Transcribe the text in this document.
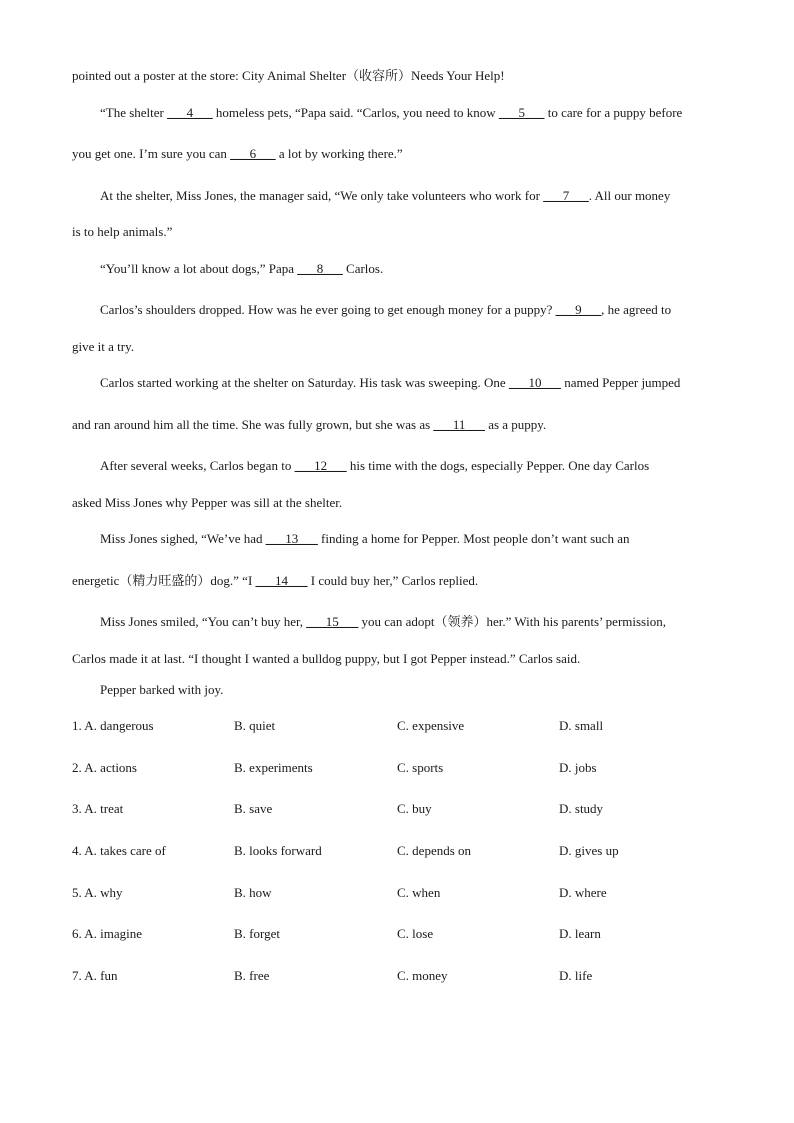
pointed out a poster at the store: City Animal Shelter（收容所）Needs Your Help!
“The shelter ___4___ homeless pets, “Papa said. “Carlos, you need to know ___5___ to care for a puppy before
you get one. I’m sure you can ___6___ a lot by working there.”
At the shelter, Miss Jones, the manager said, “We only take volunteers who work for ___7___. All our money
is to help animals.”
“You’ll know a lot about dogs,” Papa ___8___ Carlos.
Carlos’s shoulders dropped. How was he ever going to get enough money for a puppy? ___9___, he agreed to
give it a try.
Carlos started working at the shelter on Saturday. His task was sweeping. One ___10___ named Pepper jumped
and ran around him all the time. She was fully grown, but she was as ___11___ as a puppy.
After several weeks, Carlos began to ___12___ his time with the dogs, especially Pepper. One day Carlos
asked Miss Jones why Pepper was sill at the shelter.
Miss Jones sighed, “We’ve had ___13___ finding a home for Pepper. Most people don’t want such an
energetic（精力旺盛的）dog.” “I ___14___ I could buy her,” Carlos replied.
Miss Jones smiled, “You can’t buy her, ___15___ you can adopt（领养）her.” With his parents’ permission,
Carlos made it at last. “I thought I wanted a bulldog puppy, but I got Pepper instead.” Carlos said.
Pepper barked with joy.
1. A. dangerous	B. quiet	C. expensive	D. small
2. A. actions	B. experiments	C. sports	D. jobs
3. A. treat	B. save	C. buy	D. study
4. A. takes care of	B. looks forward	C. depends on	D. gives up
5. A. why	B. how	C. when	D. where
6. A. imagine	B. forget	C. lose	D. learn
7. A. fun	B. free	C. money	D. life
